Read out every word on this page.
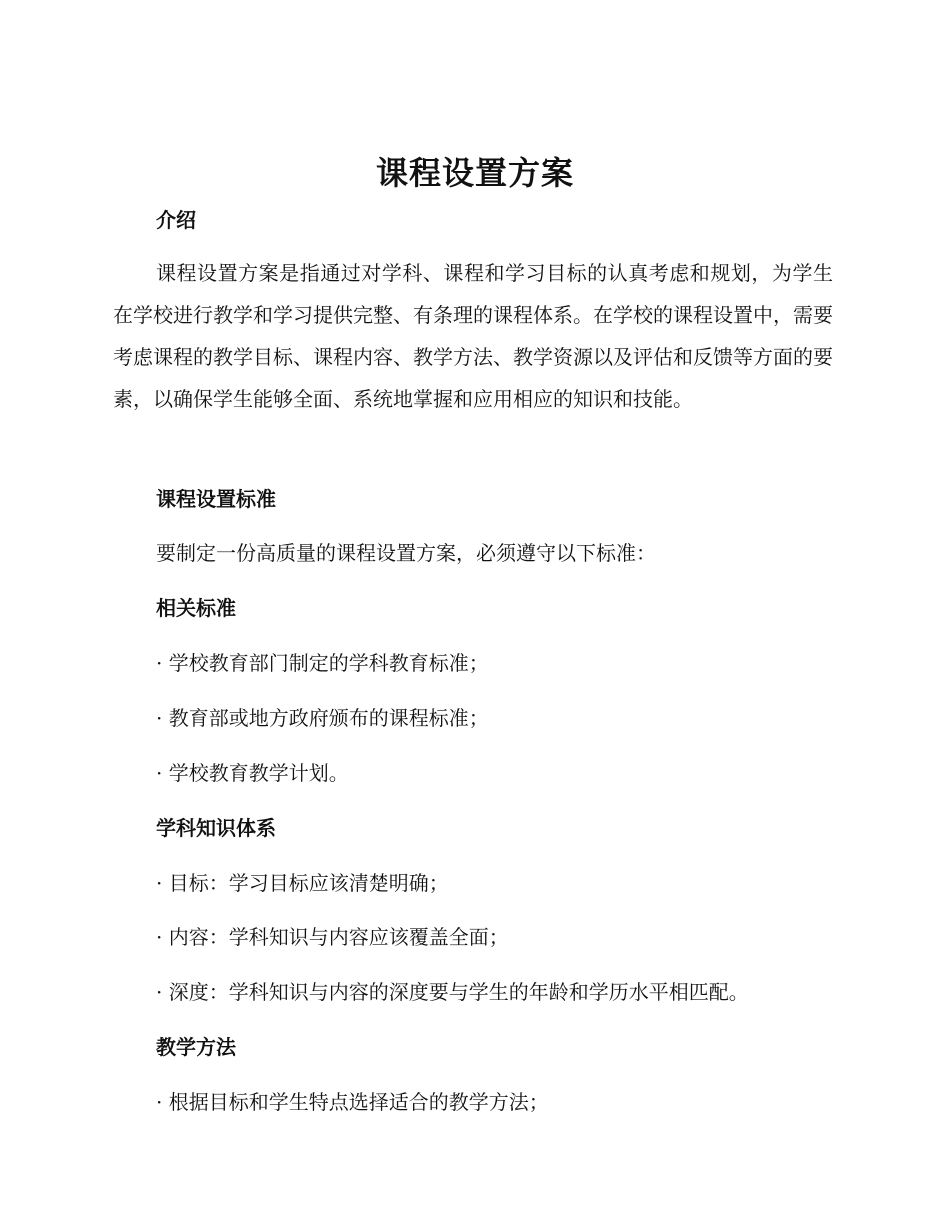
课程设置方案
介绍

课程设置方案是指通过对学科、课程和学习目标的认真考虑和规划，为学生在学校进行教学和学习提供完整、有条理的课程体系。在学校的课程设置中，需要考虑课程的教学目标、课程内容、教学方法、教学资源以及评估和反馈等方面的要素，以确保学生能够全面、系统地掌握和应用相应的知识和技能。

课程设置标准
要制定一份高质量的课程设置方案，必须遵守以下标准：
相关标准
· 学校教育部门制定的学科教育标准；
· 教育部或地方政府颁布的课程标准；
· 学校教育教学计划。
学科知识体系
· 目标：学习目标应该清楚明确；
· 内容：学科知识与内容应该覆盖全面；
· 深度：学科知识与内容的深度要与学生的年龄和学历水平相匹配。
教学方法
· 根据目标和学生特点选择适合的教学方法；
